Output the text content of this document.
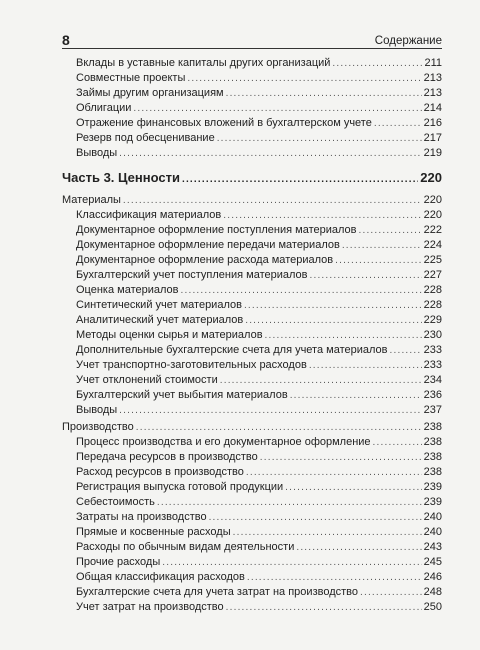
8	Содержание
Вклады в уставные капиталы других организаций .....	211
Совместные проекты .....	213
Займы другим организациям .....	213
Облигации .....	214
Отражение финансовых вложений в бухгалтерском учете .....	216
Резерв под обесценивание .....	217
Выводы .....	219
Часть 3. Ценности .....	220
Материалы .....	220
Классификация материалов .....	220
Документарное оформление поступления материалов .....	222
Документарное оформление передачи материалов .....	224
Документарное оформление расхода материалов .....	225
Бухгалтерский учет поступления материалов .....	227
Оценка материалов .....	228
Синтетический учет материалов .....	228
Аналитический учет материалов .....	229
Методы оценки сырья и материалов .....	230
Дополнительные бухгалтерские счета для учета материалов .....	233
Учет транспортно-заготовительных расходов .....	233
Учет отклонений стоимости .....	234
Бухгалтерский учет выбытия материалов .....	236
Выводы .....	237
Производство .....	238
Процесс производства и его документарное оформление .....	238
Передача ресурсов в производство .....	238
Расход ресурсов в производство .....	238
Регистрация выпуска готовой продукции .....	239
Себестоимость .....	239
Затраты на производство .....	240
Прямые и косвенные расходы .....	240
Расходы по обычным видам деятельности .....	243
Прочие расходы .....	245
Общая классификация расходов .....	246
Бухгалтерские счета для учета затрат на производство .....	248
Учет затрат на производство .....	250
